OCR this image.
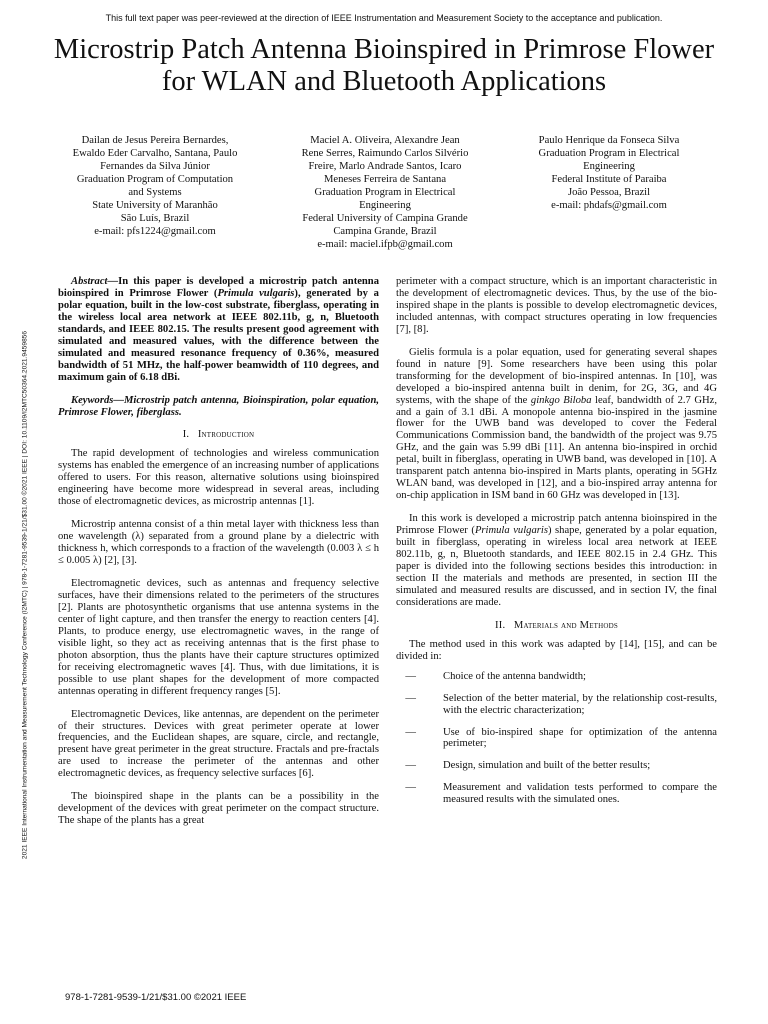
This full text paper was peer-reviewed at the direction of IEEE Instrumentation and Measurement Society to the acceptance and publication.
Microstrip Patch Antenna Bioinspired in Primrose Flower for WLAN and Bluetooth Applications
Dailan de Jesus Pereira Bernardes,
Ewaldo Eder Carvalho, Santana, Paulo
Fernandes da Silva Júnior
Graduation Program of Computation
and Systems
State University of Maranhão
São Luís, Brazil
e-mail: pfs1224@gmail.com
Maciel A. Oliveira, Alexandre Jean
Rene Serres, Raimundo Carlos Silvério
Freire, Marlo Andrade Santos, Icaro
Meneses Ferreira de Santana
Graduation Program in Electrical
Engineering
Federal University of Campina Grande
Campina Grande, Brazil
e-mail: maciel.ifpb@gmail.com
Paulo Henrique da Fonseca Silva
Graduation Program in Electrical
Engineering
Federal Institute of Paraiba
João Pessoa, Brazil
e-mail: phdafs@gmail.com
2021 IEEE International Instrumentation and Measurement Technology Conference (I2MTC) | 978-1-7281-9539-1/21/$31.00 ©2021 IEEE | DOI: 10.1109/I2MTC50364.2021.9459856

Abstract—In this paper is developed a microstrip patch antenna bioinspired in Primrose Flower (Primula vulgaris), generated by a polar equation, built in the low-cost substrate, fiberglass, operating in the wireless local area network at IEEE 802.11b, g, n, Bluetooth standards, and IEEE 802.15. The results present good agreement with simulated and measured values, with the difference between the simulated and measured resonance frequency of 0.36%, measured bandwidth of 51 MHz, the half-power beamwidth of 110 degrees, and maximum gain of 6.18 dBi.

Keywords—Microstrip patch antenna, Bioinspiration, polar equation, Primrose Flower, fiberglass.

I. Introduction

The rapid development of technologies and wireless communication systems has enabled the emergence of an increasing number of applications offered to users. For this reason, alternative solutions using bioinspired engineering have become more widespread in several areas, including those of electromagnetic devices, as microstrip antennas [1].

Microstrip antenna consist of a thin metal layer with thickness less than one wavelength (λ) separated from a ground plane by a dielectric with thickness h, which corresponds to a fraction of the wavelength (0.003 λ ≤ h ≤ 0.005 λ) [2], [3].

Electromagnetic devices, such as antennas and frequency selective surfaces, have their dimensions related to the perimeters of the structures [2]. Plants are photosynthetic organisms that use antenna systems in the center of light capture, and then transfer the energy to reaction centers [4]. Plants, to produce energy, use electromagnetic waves, in the range of visible light, so they act as receiving antennas that is the first phase to photon absorption, thus the plants have their capture structures optimized for receiving electromagnetic waves [4]. Thus, with due limitations, it is possible to use plant shapes for the development of more compacted antennas operating in different frequency ranges [5].

Electromagnetic Devices, like antennas, are dependent on the perimeter of their structures. Devices with great perimeter operate at lower frequencies, and the Euclidean shapes, are square, circle, and rectangle, present have great perimeter in the great structure. Fractals and pre-fractals are used to increase the perimeter of the antennas and other electromagnetic devices, as frequency selective surfaces [6].

The bioinspired shape in the plants can be a possibility in the development of the devices with great perimeter on the compact structure. The shape of the plants has a great

perimeter with a compact structure, which is an important characteristic in the development of electromagnetic devices. Thus, by the use of the bio-inspired shape in the plants is possible to develop electromagnetic devices, included antennas, with compact structures operating in low frequencies [7], [8].

Gielis formula is a polar equation, used for generating several shapes found in nature [9]. Some researchers have been using this polar transforming for the development of bio-inspired antennas. In [10], was developed a bio-inspired antenna built in denim, for 2G, 3G, and 4G systems, with the shape of the ginkgo Biloba leaf, bandwidth of 2.7 GHz, and a gain of 3.1 dBi. A monopole antenna bio-inspired in the jasmine flower for the UWB band was developed to cover the Federal Communications Commission band, the bandwidth of the project was 9.75 GHz, and the gain was 5.99 dBi [11]. An antenna bio-inspired in orchid petal, built in fiberglass, operating in UWB band, was developed in [10]. A transparent patch antenna bio-inspired in Marts plants, operating in 5GHz WLAN band, was developed in [12], and a bio-inspired array antenna for on-chip application in ISM band in 60 GHz was developed in [13].

In this work is developed a microstrip patch antenna bioinspired in the Primrose Flower (Primula vulgaris) shape, generated by a polar equation, built in fiberglass, operating in wireless local area network at IEEE 802.11b, g, n, Bluetooth standards, and IEEE 802.15 in 2.4 GHz. This paper is divided into the following sections besides this introduction: in section II the materials and methods are presented, in section III the simulated and measured results are discussed, and in section IV, the final considerations are made.

II. Materials and Methods

The method used in this work was adapted by [14], [15], and can be divided in:

—	Choice of the antenna bandwidth;
—	Selection of the better material, by the relationship cost-results, with the electric characterization;
—	Use of bio-inspired shape for optimization of the antenna perimeter;
—	Design, simulation and built of the better results;
—	Measurement and validation tests performed to compare the measured results with the simulated ones.
978-1-7281-9539-1/21/$31.00 ©2021 IEEE
